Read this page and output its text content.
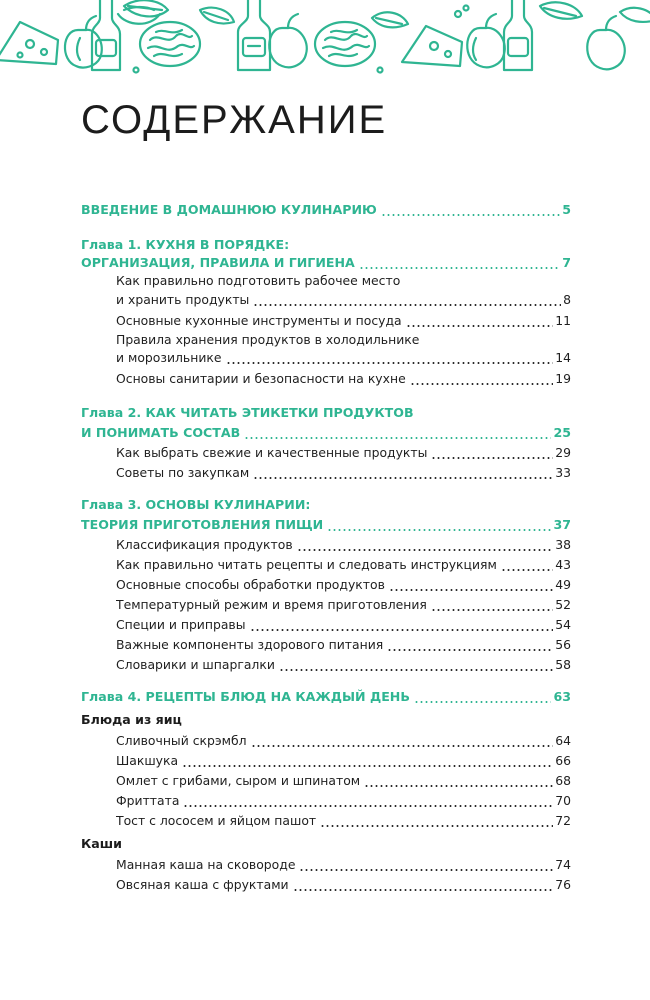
СОДЕРЖАНИЕ
ВВЕДЕНИЕ В ДОМАШНЮЮ КУЛИНАРИЮ	5
Глава 1. КУХНЯ В ПОРЯДКЕ:
ОРГАНИЗАЦИЯ, ПРАВИЛА И ГИГИЕНА	7
Как правильно подготовить рабочее место
и хранить продукты	8
Основные кухонные инструменты и посуда	11
Правила хранения продуктов в холодильнике
и морозильнике	14
Основы санитарии и безопасности на кухне	19
Глава 2. КАК ЧИТАТЬ ЭТИКЕТКИ ПРОДУКТОВ
И ПОНИМАТЬ СОСТАВ	25
Как выбрать свежие и качественные продукты	29
Советы по закупкам	33
Глава 3. ОСНОВЫ КУЛИНАРИИ:
ТЕОРИЯ ПРИГОТОВЛЕНИЯ ПИЩИ	37
Классификация продуктов	38
Как правильно читать рецепты и следовать инструкциям	43
Основные способы обработки продуктов	49
Температурный режим и время приготовления	52
Специи и приправы	54
Важные компоненты здорового питания	56
Словарики и шпаргалки	58
Глава 4. РЕЦЕПТЫ БЛЮД НА КАЖДЫЙ ДЕНЬ	63
Блюда из яиц
Сливочный скрэмбл	64
Шакшука	66
Омлет с грибами, сыром и шпинатом	68
Фриттата	70
Тост с лососем и яйцом пашот	72
Каши
Манная каша на сковороде	74
Овсяная каша с фруктами	76
